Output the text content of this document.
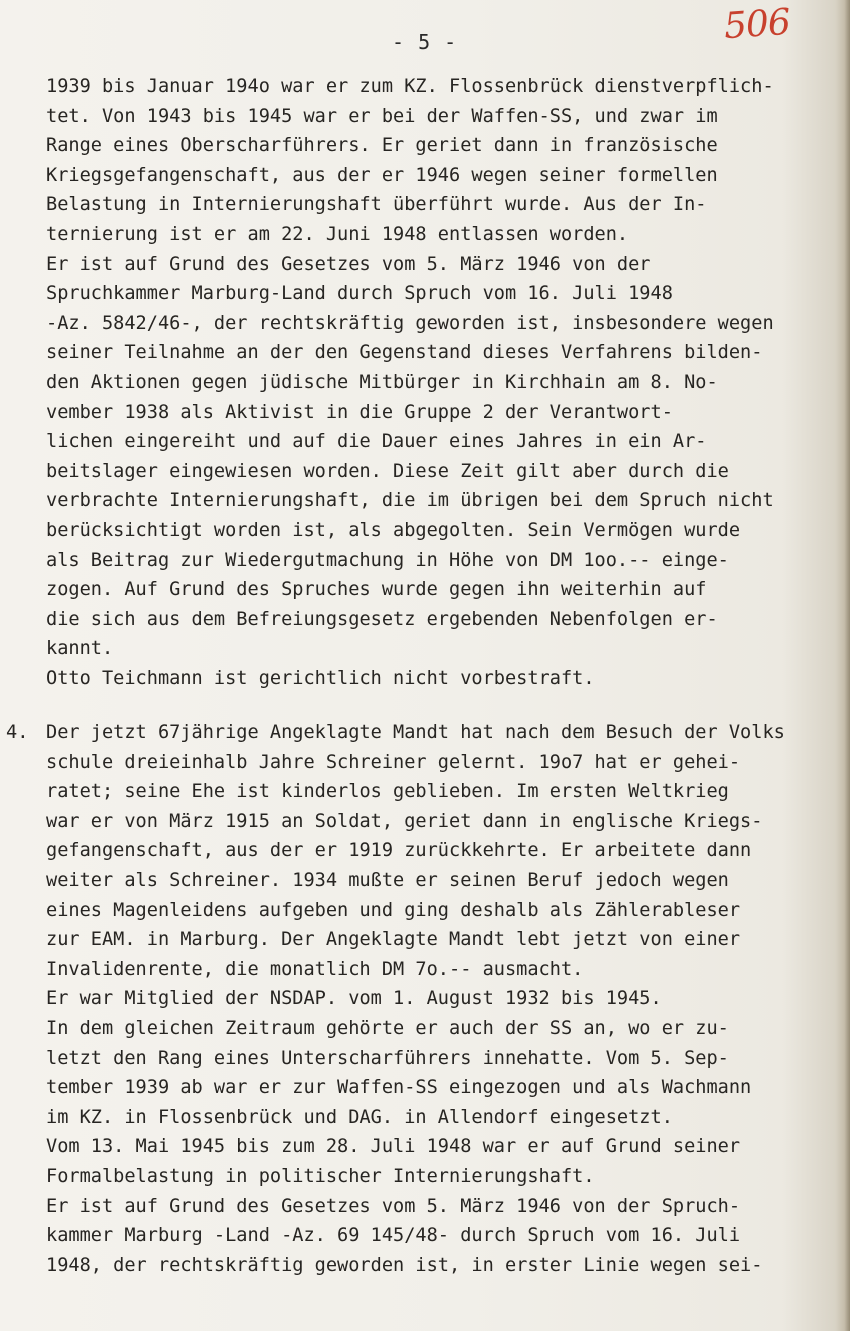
- 5 -	506
1939 bis Januar 194o war er zum KZ. Flossenbrück dienstverpflich-
tet. Von 1943 bis 1945 war er bei der Waffen-SS, und zwar im
Range eines Oberscharführers. Er geriet dann in französische
Kriegsgefangenschaft, aus der er 1946 wegen seiner formellen
Belastung in Internierungshaft überführt wurde. Aus der In-
ternierung ist er am 22. Juni 1948 entlassen worden.
Er ist auf Grund des Gesetzes vom 5. März 1946 von der
Spruchkammer Marburg-Land durch Spruch vom 16. Juli 1948
-Az. 5842/46-, der rechtskräftig geworden ist, insbesondere wegen
seiner Teilnahme an der den Gegenstand dieses Verfahrens bilden-
den Aktionen gegen jüdische Mitbürger in Kirchhain am 8. No-
vember 1938 als Aktivist in die Gruppe 2 der Verantwort-
lichen eingereiht und auf die Dauer eines Jahres in ein Ar-
beitslager eingewiesen worden. Diese Zeit gilt aber durch die
verbrachte Internierungshaft, die im übrigen bei dem Spruch nicht
berücksichtigt worden ist, als abgegolten. Sein Vermögen wurde
als Beitrag zur Wiedergutmachung in Höhe von DM 1oo.-- einge-
zogen. Auf Grund des Spruches wurde gegen ihn weiterhin auf
die sich aus dem Befreiungsgesetz ergebenden Nebenfolgen er-
kannt.
Otto Teichmann ist gerichtlich nicht vorbestraft.
4. Der jetzt 67jährige Angeklagte Mandt hat nach dem Besuch der Volks
schule dreieinhalb Jahre Schreiner gelernt. 19o7 hat er gehei-
ratet; seine Ehe ist kinderlos geblieben. Im ersten Weltkrieg
war er von März 1915 an Soldat, geriet dann in englische Kriegs-
gefangenschaft, aus der er 1919 zurückkehrte. Er arbeitete dann
weiter als Schreiner. 1934 mußte er seinen Beruf jedoch wegen
eines Magenleidens aufgeben und ging deshalb als Zählerableser
zur EAM. in Marburg. Der Angeklagte Mandt lebt jetzt von einer
Invalidenrente, die monatlich DM 7o.-- ausmacht.
Er war Mitglied der NSDAP. vom 1. August 1932 bis 1945.
In dem gleichen Zeitraum gehörte er auch der SS an, wo er zu-
letzt den Rang eines Unterscharführers innehatte. Vom 5. Sep-
tember 1939 ab war er zur Waffen-SS eingezogen und als Wachmann
im KZ. in Flossenbrück und DAG. in Allendorf eingesetzt.
Vom 13. Mai 1945 bis zum 28. Juli 1948 war er auf Grund seiner
Formalbelastung in politischer Internierungshaft.
Er ist auf Grund des Gesetzes vom 5. März 1946 von der Spruch-
kammer Marburg -Land -Az. 69 145/48- durch Spruch vom 16. Juli
1948, der rechtskräftig geworden ist, in erster Linie wegen sei-
